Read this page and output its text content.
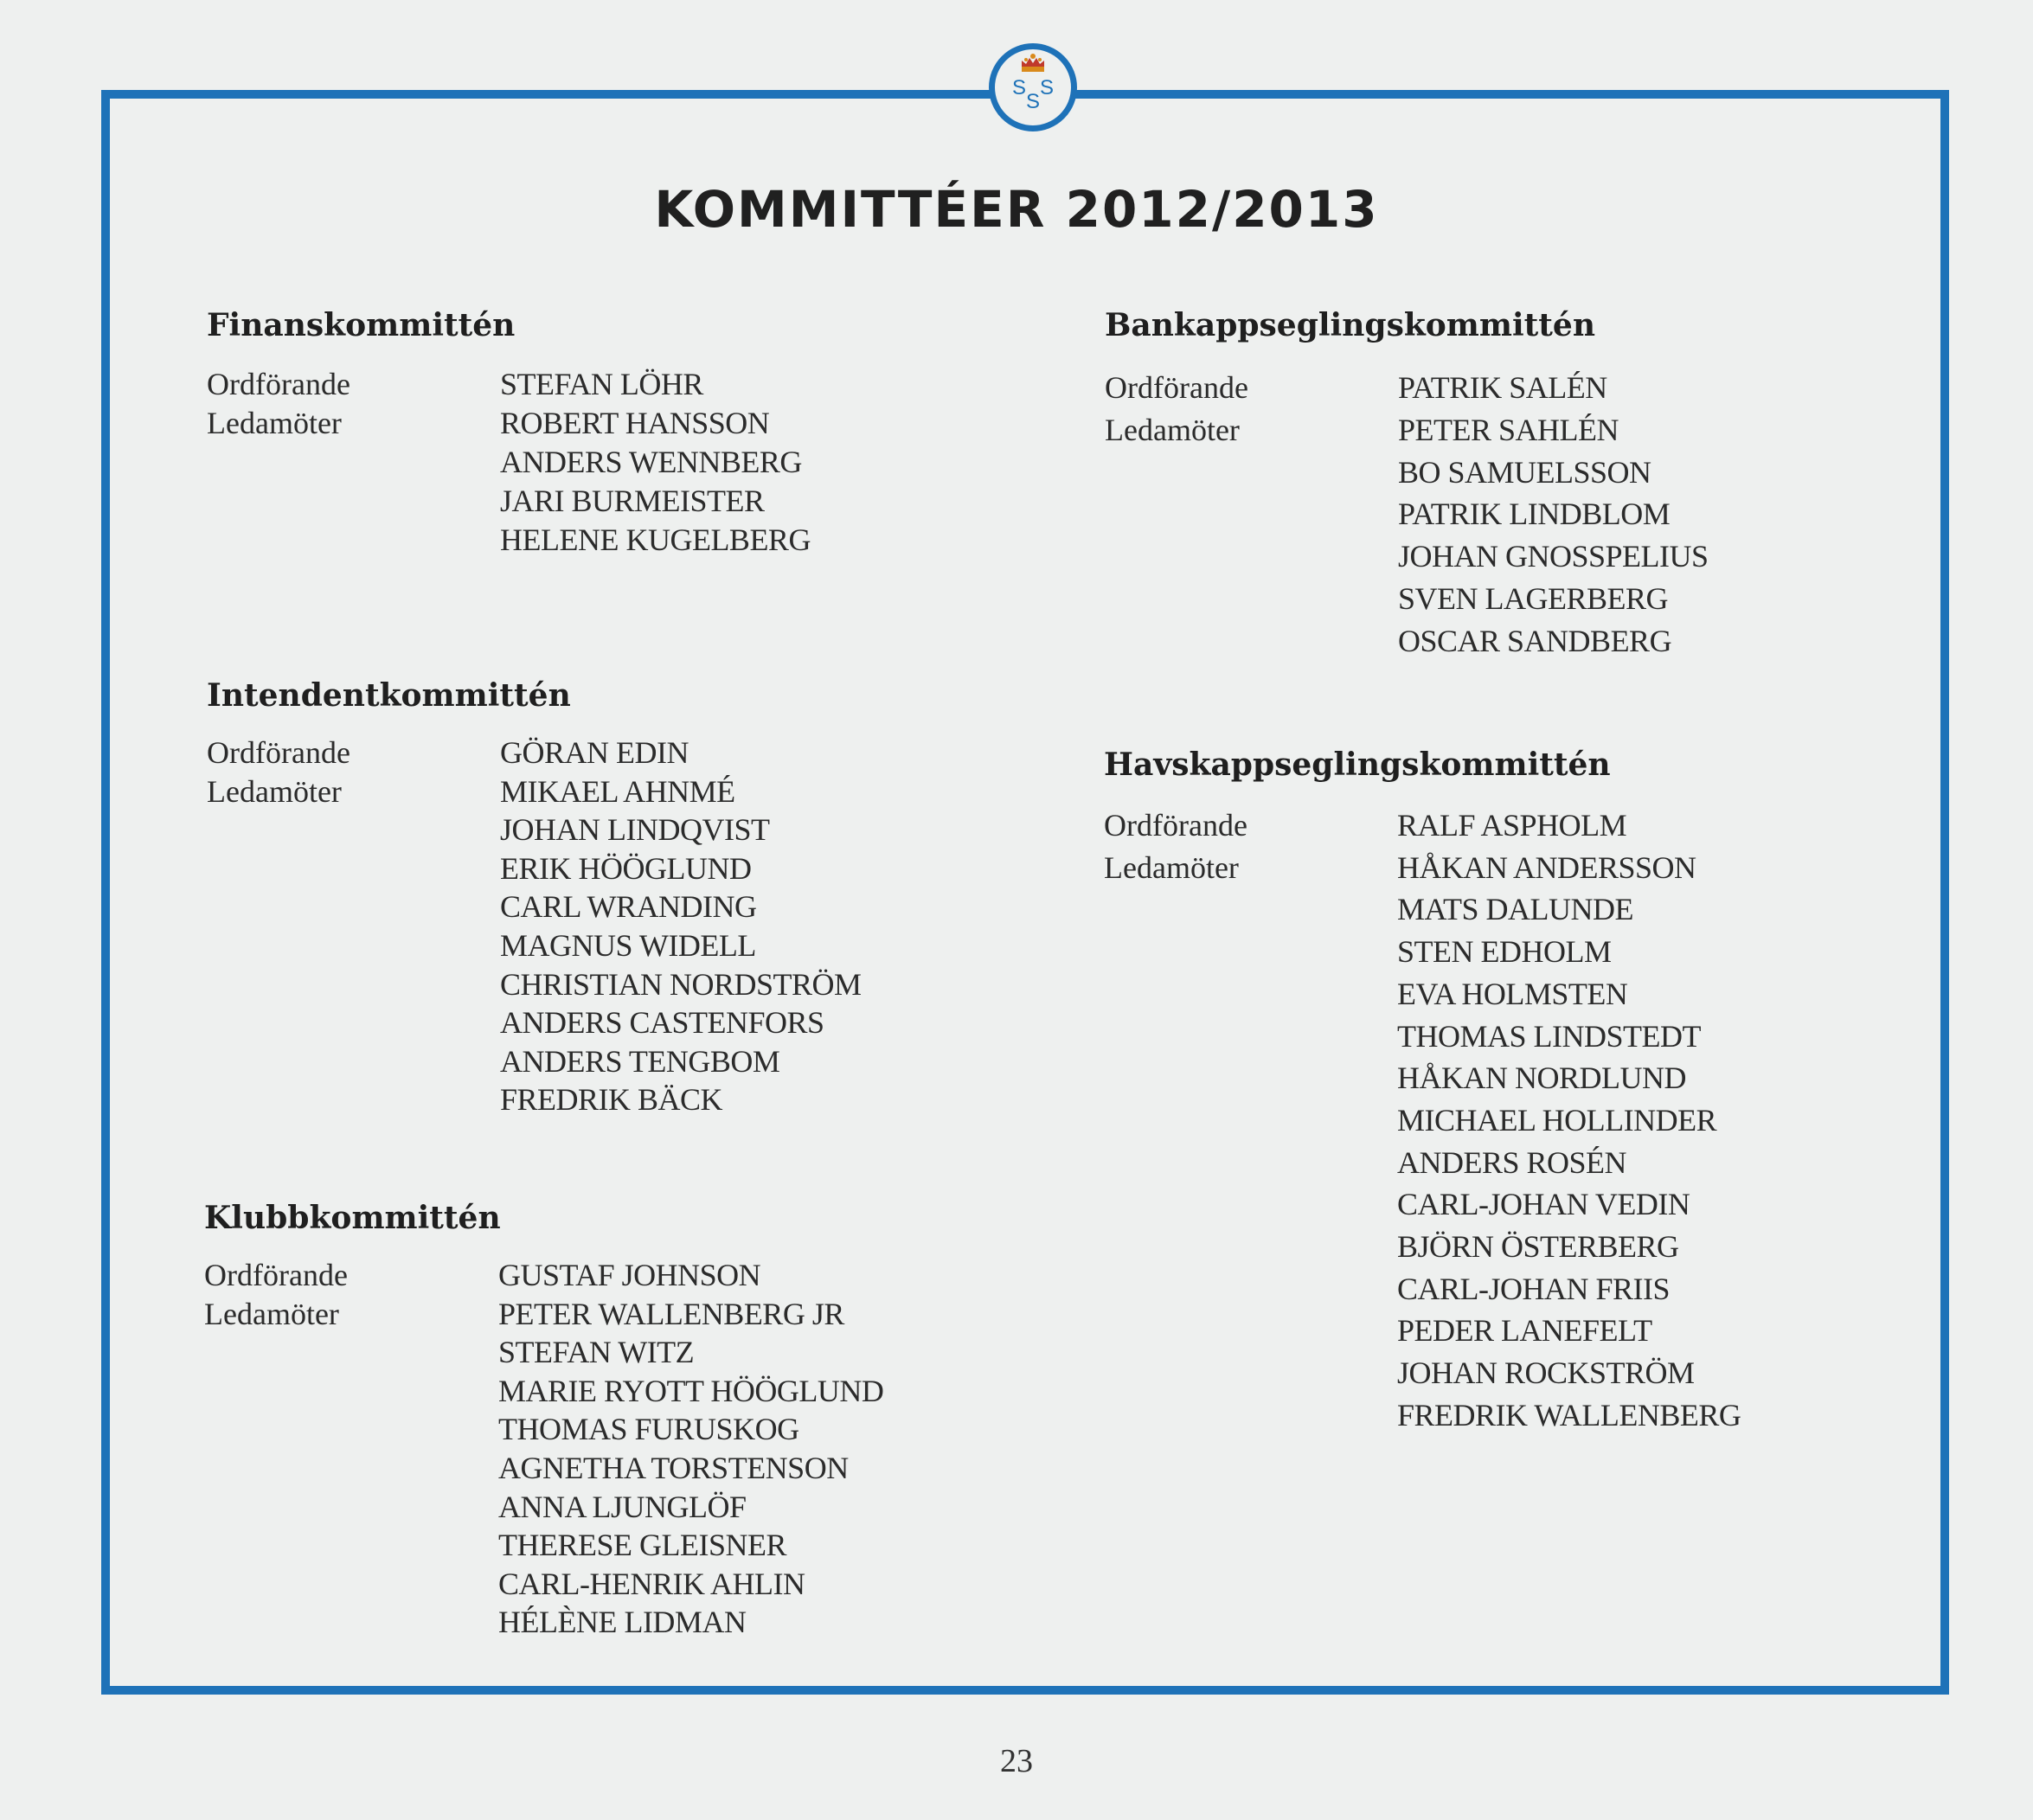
S S
S
KOMMITTÉER 2012/2013
Finanskommittén
Ordförande
Ledamöter
STEFAN LÖHR
ROBERT HANSSON
ANDERS WENNBERG
JARI BURMEISTER
HELENE KUGELBERG
Intendentkommittén
Ordförande
Ledamöter
GÖRAN EDIN
MIKAEL AHNMÉ
JOHAN LINDQVIST
ERIK HÖÖGLUND
CARL WRANDING
MAGNUS WIDELL
CHRISTIAN NORDSTRÖM
ANDERS CASTENFORS
ANDERS TENGBOM
FREDRIK BÄCK
Klubbkommittén
Ordförande
Ledamöter
GUSTAF JOHNSON
PETER WALLENBERG JR
STEFAN WITZ
MARIE RYOTT HÖÖGLUND
THOMAS FURUSKOG
AGNETHA TORSTENSON
ANNA LJUNGLÖF
THERESE GLEISNER
CARL-HENRIK AHLIN
HÉLÈNE LIDMAN
Bankappseglingskommittén
Ordförande
Ledamöter
PATRIK SALÉN
PETER SAHLÉN
BO SAMUELSSON
PATRIK LINDBLOM
JOHAN GNOSSPELIUS
SVEN LAGERBERG
OSCAR SANDBERG
Havskappseglingskommittén
Ordförande
Ledamöter
RALF ASPHOLM
HÅKAN ANDERSSON
MATS DALUNDE
STEN EDHOLM
EVA HOLMSTEN
THOMAS LINDSTEDT
HÅKAN NORDLUND
MICHAEL HOLLINDER
ANDERS ROSÉN
CARL-JOHAN VEDIN
BJÖRN ÖSTERBERG
CARL-JOHAN FRIIS
PEDER LANEFELT
JOHAN ROCKSTRÖM
FREDRIK WALLENBERG
23
